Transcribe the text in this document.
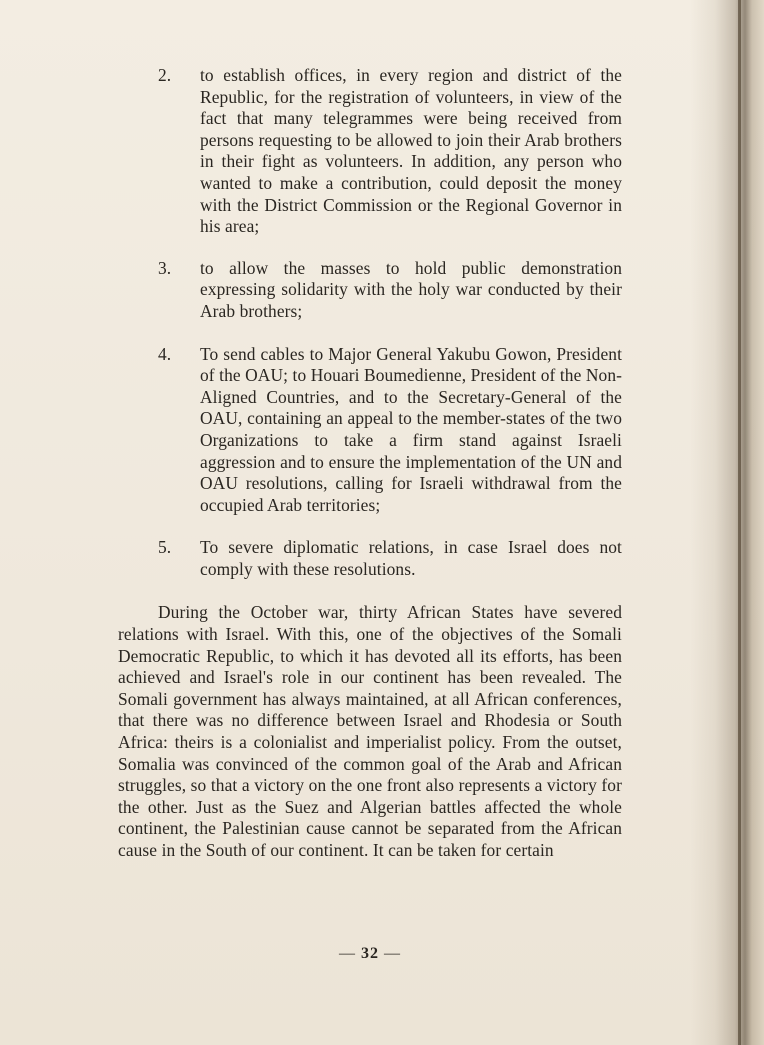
2. to establish offices, in every region and district of the Republic, for the registration of volunteers, in view of the fact that many telegrammes were being received from persons requesting to be allowed to join their Arab brothers in their fight as volunteers. In addition, any person who wanted to make a contribution, could deposit the money with the District Commission or the Regional Governor in his area;
3. to allow the masses to hold public demonstration expressing solidarity with the holy war conducted by their Arab brothers;
4. To send cables to Major General Yakubu Gowon, President of the OAU; to Houari Boumedienne, President of the Non-Aligned Countries, and to the Secretary-General of the OAU, containing an appeal to the member-states of the two Organizations to take a firm stand against Israeli aggression and to ensure the implementation of the UN and OAU resolutions, calling for Israeli withdrawal from the occupied Arab territories;
5. To severe diplomatic relations, in case Israel does not comply with these resolutions.

During the October war, thirty African States have severed relations with Israel. With this, one of the objectives of the Somali Democratic Republic, to which it has devoted all its efforts, has been achieved and Israel's role in our continent has been revealed. The Somali government has always maintained, at all African conferences, that there was no difference between Israel and Rhodesia or South Africa: theirs is a colonialist and imperialist policy. From the outset, Somalia was convinced of the common goal of the Arab and African struggles, so that a victory on the one front also represents a victory for the other. Just as the Suez and Algerian battles affected the whole continent, the Palestinian cause cannot be separated from the African cause in the South of our continent. It can be taken for certain

— 32 —
